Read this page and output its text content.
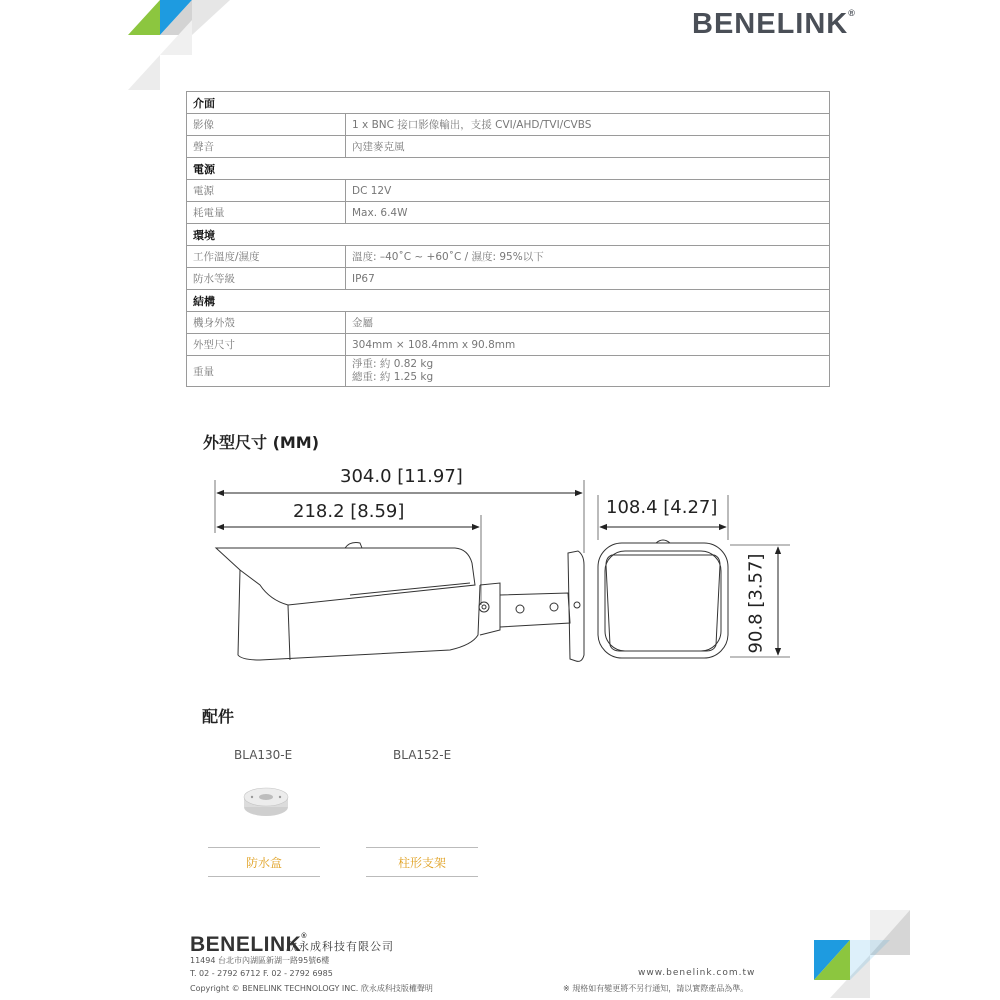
BENELINK®
介面	
影像	1 x BNC 接口影像輸出，支援 CVI/AHD/TVI/CVBS
聲音	內建麥克風
電源	
電源	DC 12V
耗電量	Max. 6.4W
環境	
工作溫度/濕度	溫度: –40˚C ~ +60˚C / 濕度: 95%以下
防水等級	IP67
結構	
機身外殼	金屬
外型尺寸	304mm × 108.4mm x 90.8mm
重量	淨重: 約 0.82 kg
總重: 約 1.25 kg
外型尺寸 (MM)
304.0 [11.97]
218.2 [8.59]	108.4 [4.27]
90.8 [3.57]
配件
BLA130-E	BLA152-E
防水盒	柱形支架
BENELINK®
欣永成科技有限公司
11494 台北市內湖區新湖一路95號6樓
T. 02 - 2792 6712 F. 02 - 2792 6985
Copyright © BENELINK TECHNOLOGY INC. 欣永成科技版權聲明
www.benelink.com.tw
※ 規格如有變更將不另行通知，請以實際產品為準。
